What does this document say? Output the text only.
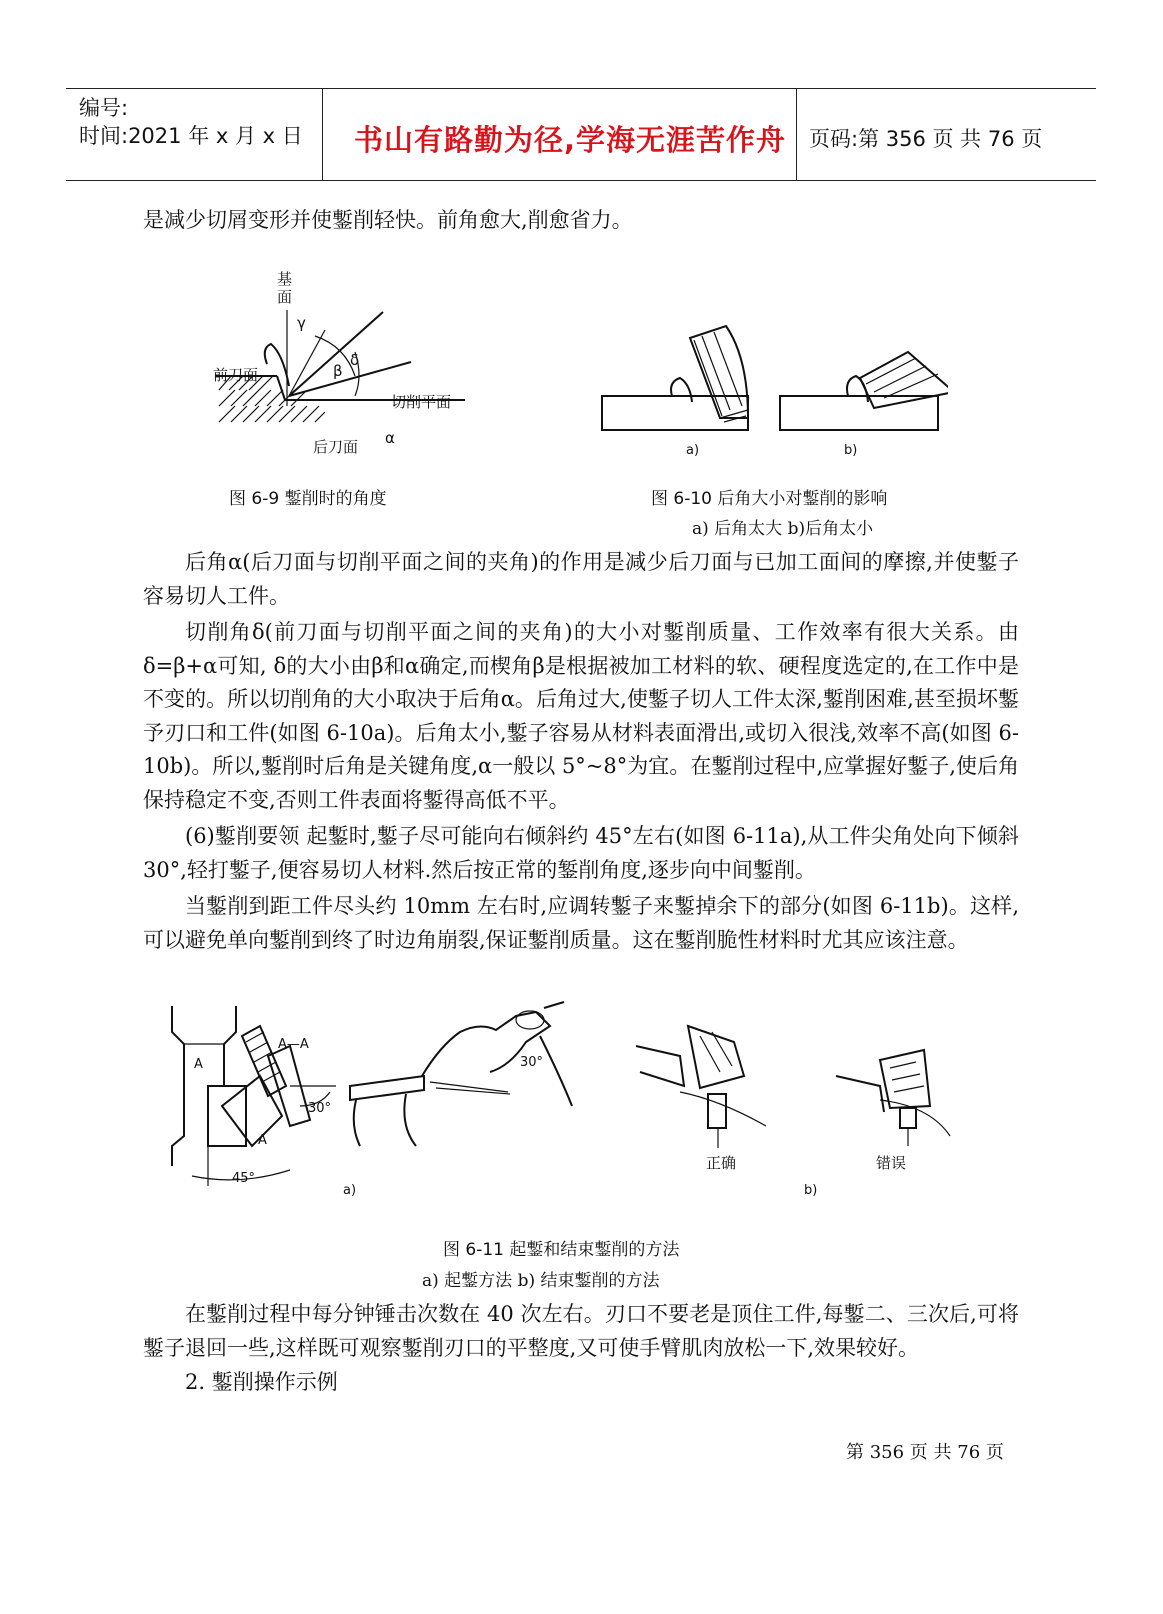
编号:
时间:2021 年 x 月 x 日 书山有路勤为径,学海无涯苦作舟 页码:第 356 页 共 76 页

是减少切屑变形并使鏨削轻快。前角愈大,削愈省力。

基
面
γ
δ
β
α
前刀面
切削平面
后刀面
图 6-9 鏨削时的角度
a)	b)
图 6-10 后角大小对鏨削的影响
a) 后角太大 b)后角太小

后角α(后刀面与切削平面之间的夹角)的作用是减少后刀面与已加工面间的摩擦,并使鏨子容易切人工件。

切削角δ(前刀面与切削平面之间的夹角)的大小对鏨削质量、工作效率有很大关系。由δ=β+α可知, δ的大小由β和α确定,而楔角β是根据被加工材料的软、硬程度选定的,在工作中是不变的。所以切削角的大小取决于后角α。后角过大,使鏨子切人工件太深,鏨削困难,甚至损坏鏨予刃口和工件(如图 6-10a)。后角太小,鏨子容易从材料表面滑出,或切入很浅,效率不高(如图 6-10b)。所以,鏨削时后角是关键角度,α一般以 5°~8°为宜。在鏨削过程中,应掌握好鏨子,使后角保持稳定不变,否则工件表面将鏨得高低不平。

(6)鏨削要领 起鏨时,鏨子尽可能向右倾斜约 45°左右(如图 6-11a),从工件尖角处向下倾斜 30°,轻打鏨子,便容易切人材料.然后按正常的錾削角度,逐步向中间鏨削。

当鏨削到距工件尽头约 10mm 左右时,应调转鏨子来鏨掉余下的部分(如图 6-11b)。这样,可以避免单向鏨削到终了时边角崩裂,保证鏨削质量。这在鏨削脆性材料时尤其应该注意。

A
A
45°
A—A
30°
30°
a)
正确	错误
b)
图 6-11 起鏨和结束鏨削的方法
a) 起鏨方法 b) 结束鏨削的方法

在鏨削过程中每分钟锤击次数在 40 次左右。刃口不要老是顶住工件,每鏨二、三次后,可将鏨子退回一些,这样既可观察鏨削刃口的平整度,又可使手臂肌肉放松一下,效果较好。

2. 鏨削操作示例

第 356 页 共 76 页
